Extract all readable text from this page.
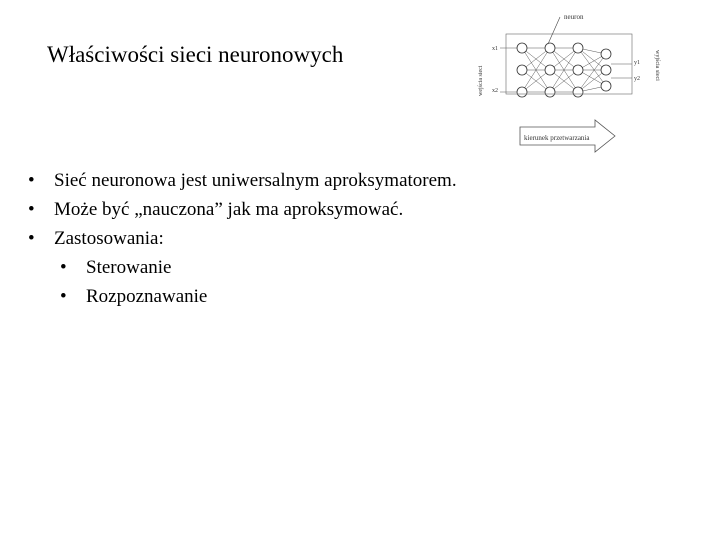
Właściwości sieci neuronowych
neuron
x1
x2
y1
y2
wejścia sieci	wyjścia sieci
kierunek przetwarzania
•	Sieć neuronowa jest uniwersalnym aproksymatorem.
•	Może być „nauczona” jak ma aproksymować.
•	Zastosowania:
•	Sterowanie
•	Rozpoznawanie
